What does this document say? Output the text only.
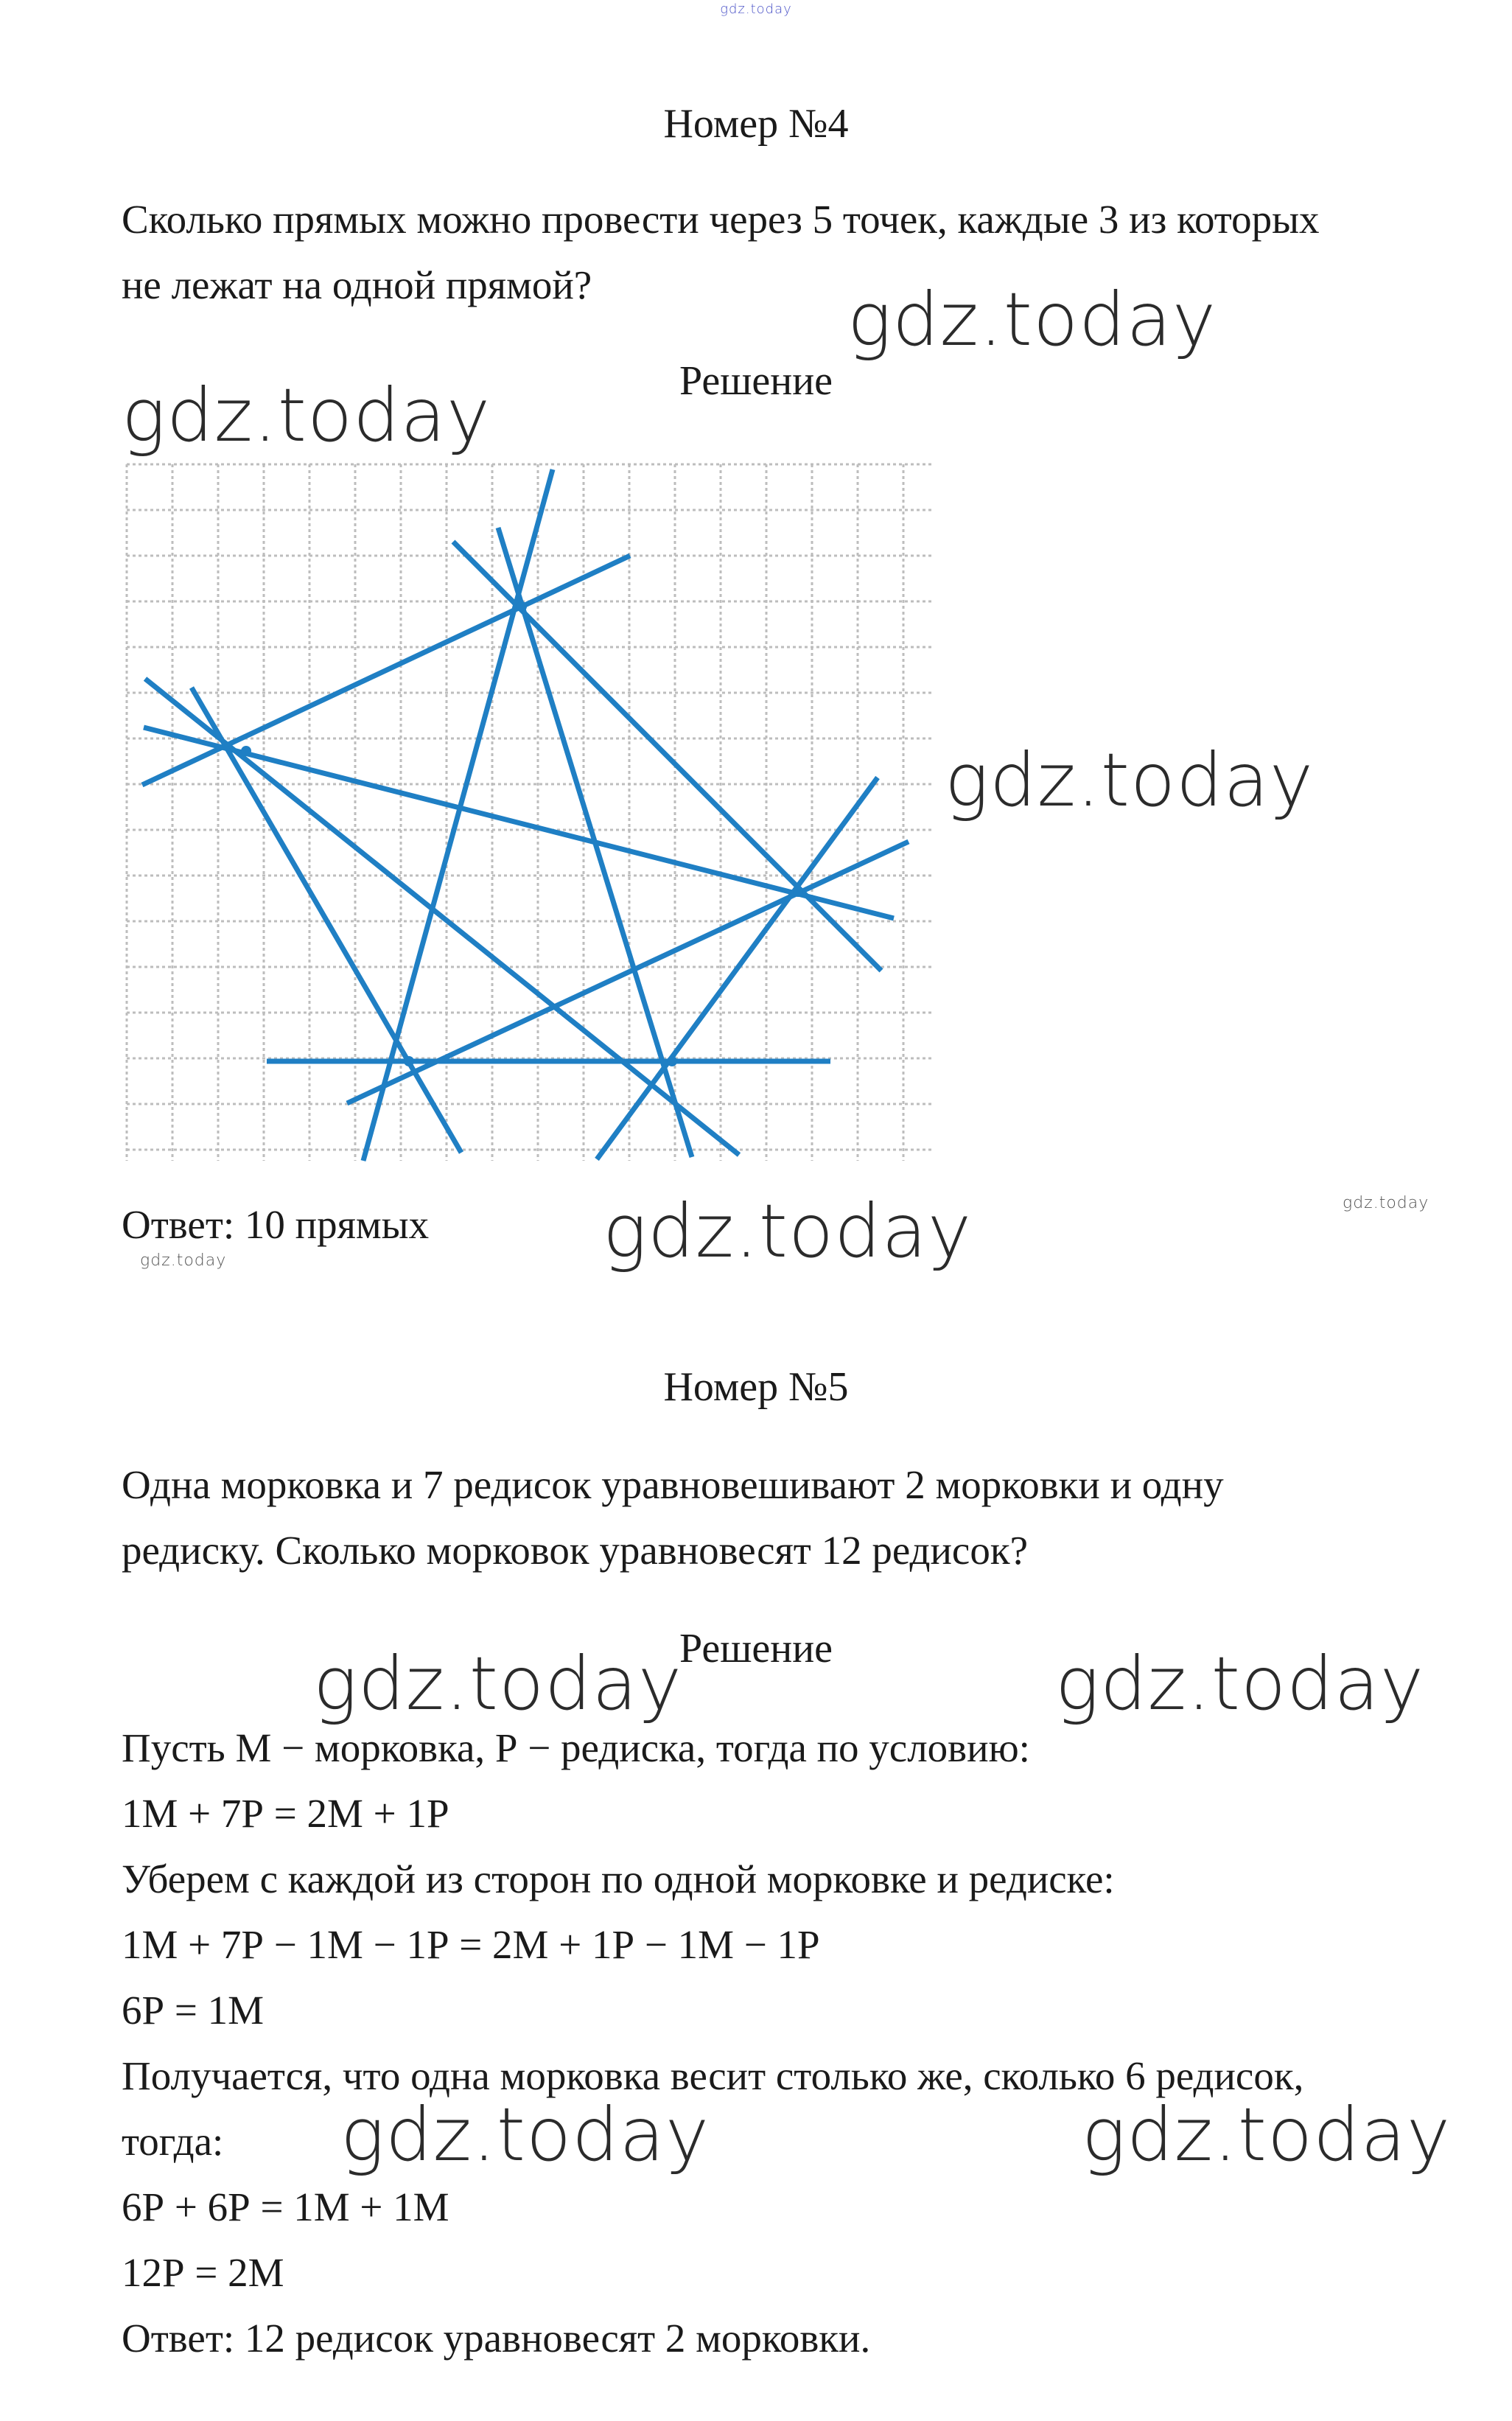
gdz.today
Номер №4
Сколько прямых можно провести через 5 точек, каждые 3 из которых
не лежат на одной прямой?	gdz.today
Решение
gdz.today
gdz.today
Ответ: 10 прямых	gdz.today	gdz.today
gdz.today
Номер №5
Одна морковка и 7 редисок уравновешивают 2 морковки и одну
редиску. Сколько морковок уравновесят 12 редисок?
Решение
gdz.today	gdz.today
Пусть М − морковка, Р − редиска, тогда по условию:
1М + 7Р = 2М + 1Р
Уберем с каждой из сторон по одной морковке и редиске:
1М + 7Р − 1М − 1Р = 2М + 1Р − 1М − 1Р
6Р = 1М
Получается, что одна морковка весит столько же, сколько 6 редисок,
тогда:	gdz.today	gdz.today
6Р + 6Р = 1М + 1М
12Р = 2М
Ответ: 12 редисок уравновесят 2 морковки.
